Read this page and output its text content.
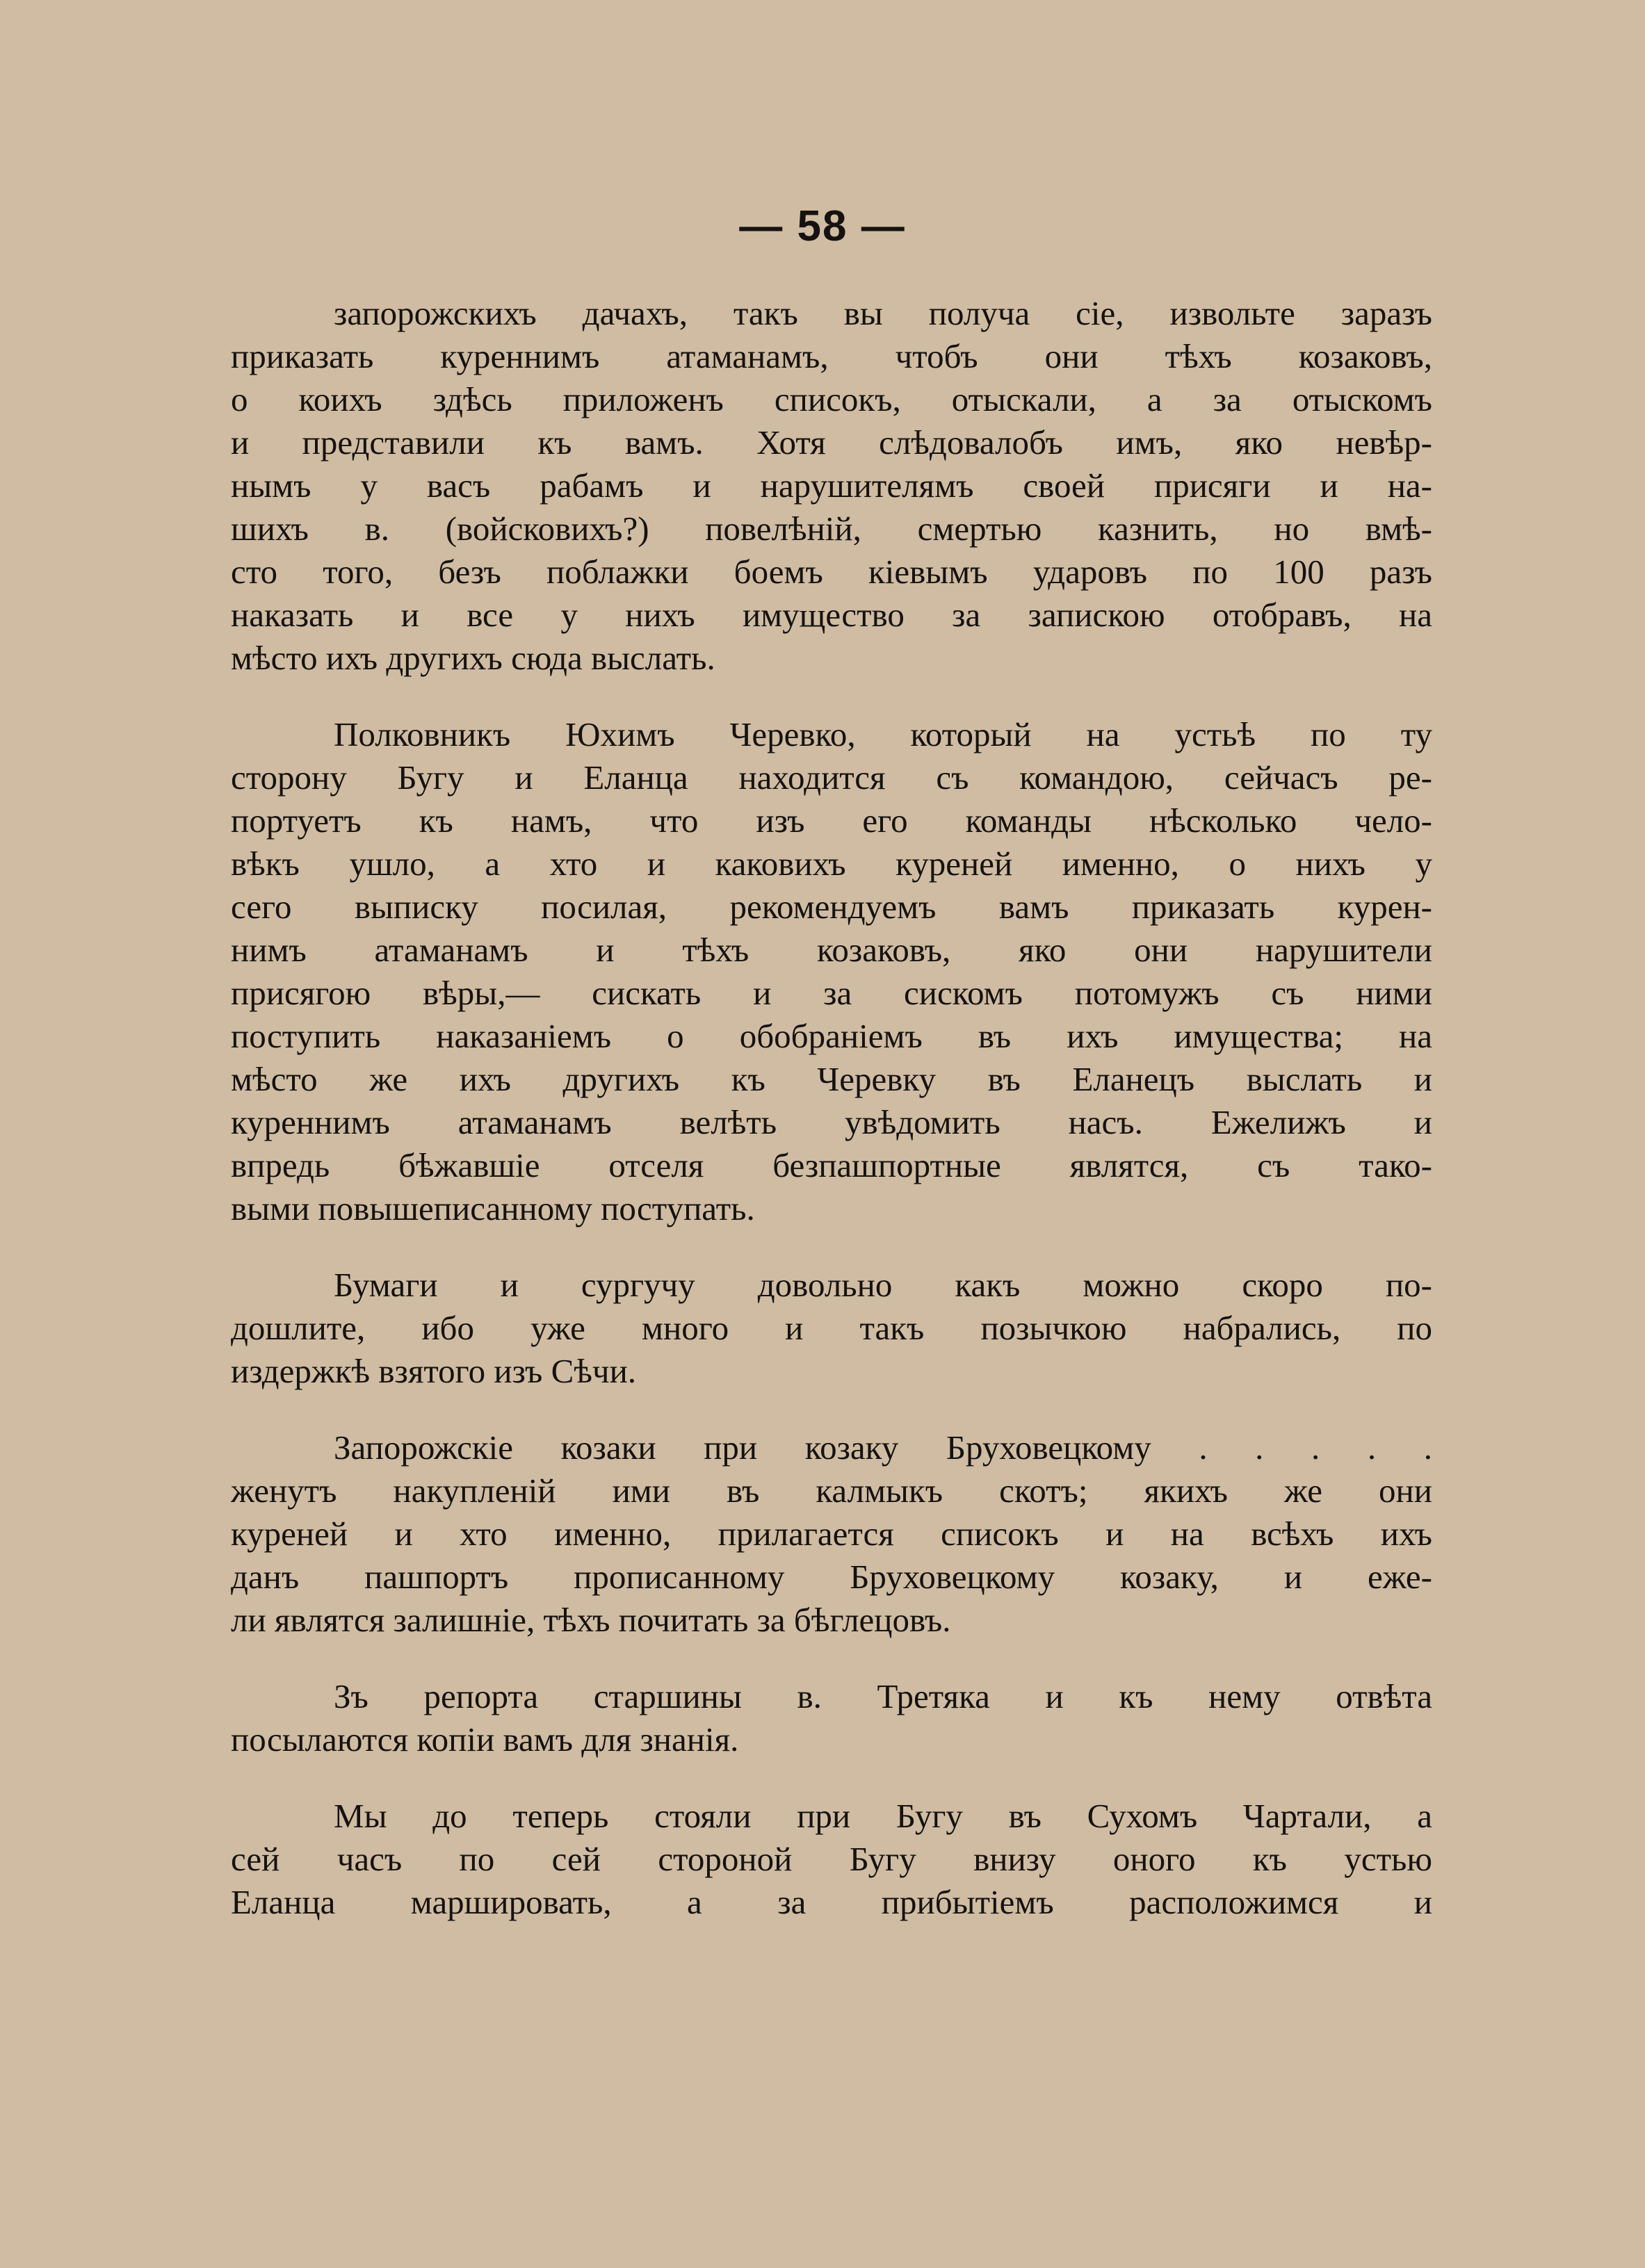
— 58 —
запорожскихъ дачахъ, такъ вы получа сіе, извольте заразъ
приказать куреннимъ атаманамъ, чтобъ они тѣхъ козаковъ,
о коихъ здѣсь приложенъ списокъ, отыскали, а за отыскомъ
и представили къ вамъ. Хотя слѣдовалобъ имъ, яко невѣр-
нымъ у васъ рабамъ и нарушителямъ своей присяги и на-
шихъ в. (войсковихъ?) повелѣній, смертью казнить, но вмѣ-
сто того, безъ поблажки боемъ кіевымъ ударовъ по 100 разъ
наказать и все у нихъ имущество за запискою отобравъ, на
мѣсто ихъ другихъ сюда выслать.
Полковникъ Юхимъ Черевко, который на устьѣ по ту
сторону Бугу и Еланца находится съ командою, сейчасъ ре-
портуетъ къ намъ, что изъ его команды нѣсколько чело-
вѣкъ ушло, а хто и каковихъ куреней именно, о нихъ у
сего выписку посилая, рекомендуемъ вамъ приказать курен-
нимъ атаманамъ и тѣхъ козаковъ, яко они нарушители
присягою вѣры,— сискать и за сискомъ потомужъ съ ними
поступить наказаніемъ о обобраніемъ въ ихъ имущества; на
мѣсто же ихъ другихъ къ Черевку въ Еланецъ выслать и
куреннимъ атаманамъ велѣть увѣдомить насъ. Ежелижъ и
впредь бѣжавшіе отселя безпашпортные являтся, съ тако-
выми повышеписанному поступать.
Бумаги и сургучу довольно какъ можно скоро по-
дошлите, ибо уже много и такъ позычкою набрались, по
издержкѣ взятого изъ Сѣчи.
Запорожскіе козаки при козаку Бруховецкому . . . . .
женутъ накупленій ими въ калмыкъ скотъ; якихъ же они
куреней и хто именно, прилагается списокъ и на всѣхъ ихъ
данъ пашпортъ прописанному Бруховецкому козаку, и еже-
ли являтся залишніе, тѣхъ почитать за бѣглецовъ.
Зъ репорта старшины в. Третяка и къ нему отвѣта
посылаются копіи вамъ для знанія.
Мы до теперь стояли при Бугу въ Сухомъ Чартали, а
сей часъ по сей стороной Бугу внизу оного къ устью
Еланца маршировать, а за прибытіемъ расположимся и
